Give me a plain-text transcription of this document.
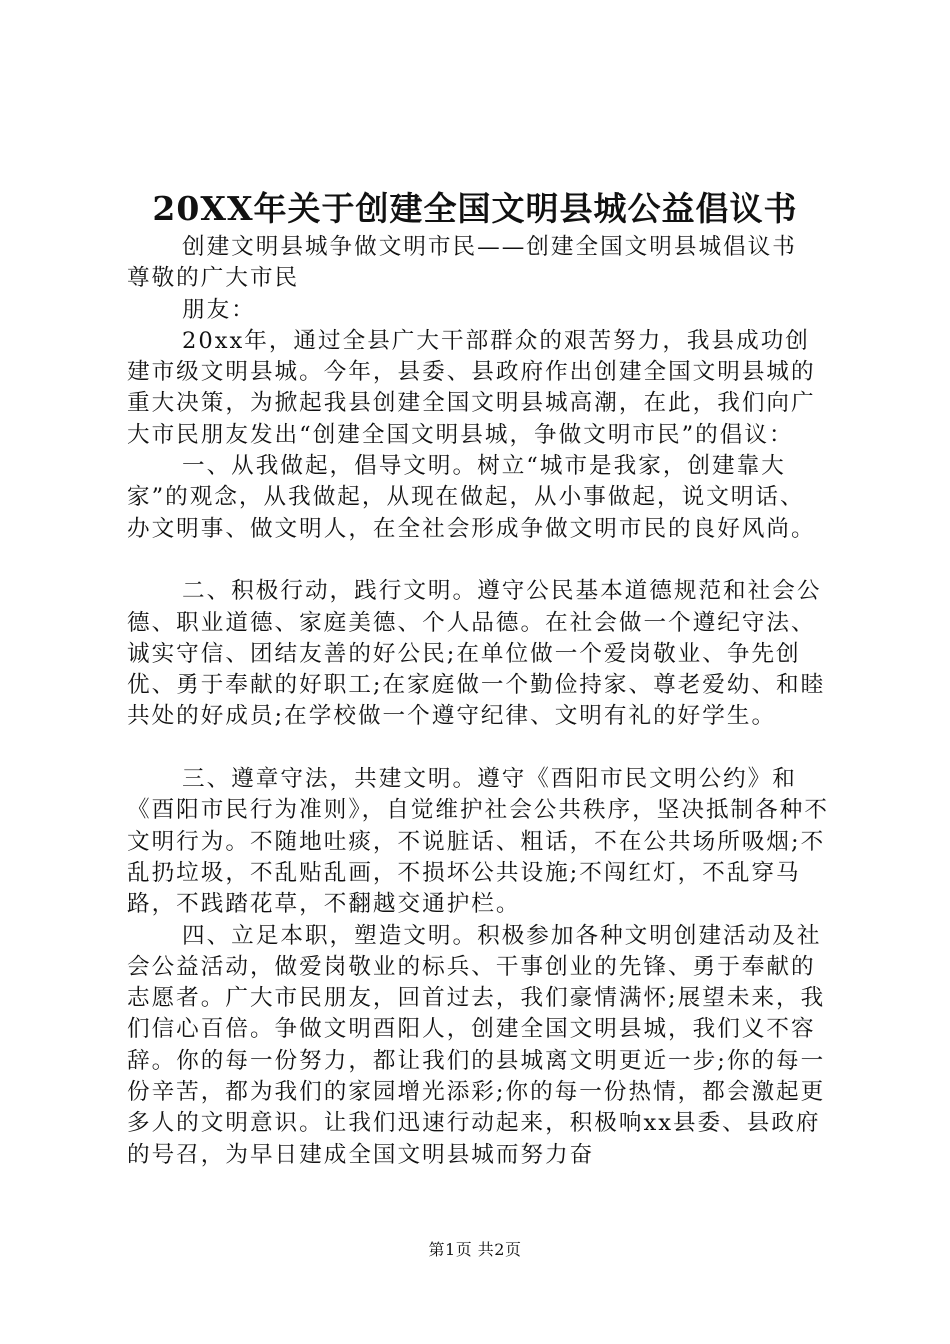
20XX年关于创建全国文明县城公益倡议书

创建文明县城争做文明市民——创建全国文明县城倡议书

尊敬的广大市民

朋友：

20xx年，通过全县广大干部群众的艰苦努力，我县成功创建市级文明县城。今年，县委、县政府作出创建全国文明县城的重大决策，为掀起我县创建全国文明县城高潮，在此，我们向广大市民朋友发出“创建全国文明县城，争做文明市民”的倡议：

一、从我做起，倡导文明。树立“城市是我家，创建靠大家”的观念，从我做起，从现在做起，从小事做起，说文明话、办文明事、做文明人，在全社会形成争做文明市民的良好风尚。

二、积极行动，践行文明。遵守公民基本道德规范和社会公德、职业道德、家庭美德、个人品德。在社会做一个遵纪守法、诚实守信、团结友善的好公民;在单位做一个爱岗敬业、争先创优、勇于奉献的好职工;在家庭做一个勤俭持家、尊老爱幼、和睦共处的好成员;在学校做一个遵守纪律、文明有礼的好学生。

三、遵章守法，共建文明。遵守《酉阳市民文明公约》和《酉阳市民行为准则》，自觉维护社会公共秩序，坚决抵制各种不文明行为。不随地吐痰，不说脏话、粗话，不在公共场所吸烟;不乱扔垃圾，不乱贴乱画，不损坏公共设施;不闯红灯，不乱穿马路，不践踏花草，不翻越交通护栏。

四、立足本职，塑造文明。积极参加各种文明创建活动及社会公益活动，做爱岗敬业的标兵、干事创业的先锋、勇于奉献的志愿者。广大市民朋友，回首过去，我们豪情满怀;展望未来，我们信心百倍。争做文明酉阳人，创建全国文明县城，我们义不容辞。你的每一份努力，都让我们的县城离文明更近一步;你的每一份辛苦，都为我们的家园增光添彩;你的每一份热情，都会激起更多人的文明意识。让我们迅速行动起来，积极响xx县委、县政府的号召，为早日建成全国文明县城而努力奋

第1页 共2页
